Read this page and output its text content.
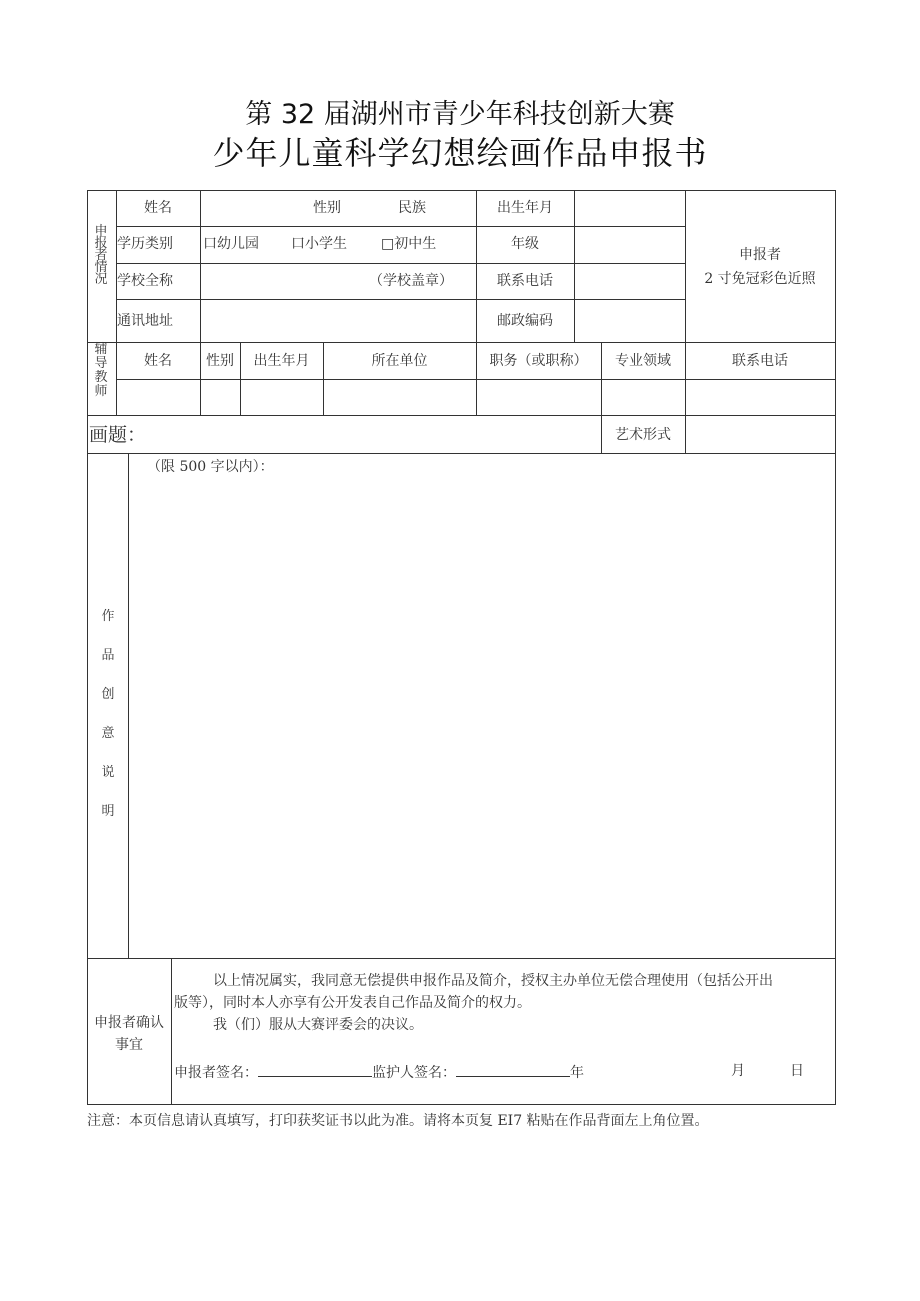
第 32 届湖州市青少年科技创新大赛
少年儿童科学幻想绘画作品申报书
申
报
者
情
况
姓名	性别	民族	出生年月
学历类别 口幼儿园 口小学生 □初中生	年级
学校全称	（学校盖章）	联系电话
通讯地址	邮政编码
申报者
2 寸免冠彩色近照
辅
导
教
师
姓名	性别	出生年月	所在单位	职务（或职称）	专业领域	联系电话
画题：	艺术形式
作
品
创
意
说
明
（限 500 字以内）：
申报者确认
事宜
以上情况属实，我同意无偿提供申报作品及简介，授权主办单位无偿合理使用（包括公开出
版等），同时本人亦享有公开发表自己作品及简介的权力。
我（们）服从大赛评委会的决议。
申报者签名：	监护人签名：	年	月	日
注意：本页信息请认真填写，打印获奖证书以此为准。请将本页复 EI7 粘贴在作品背面左上角位置。
